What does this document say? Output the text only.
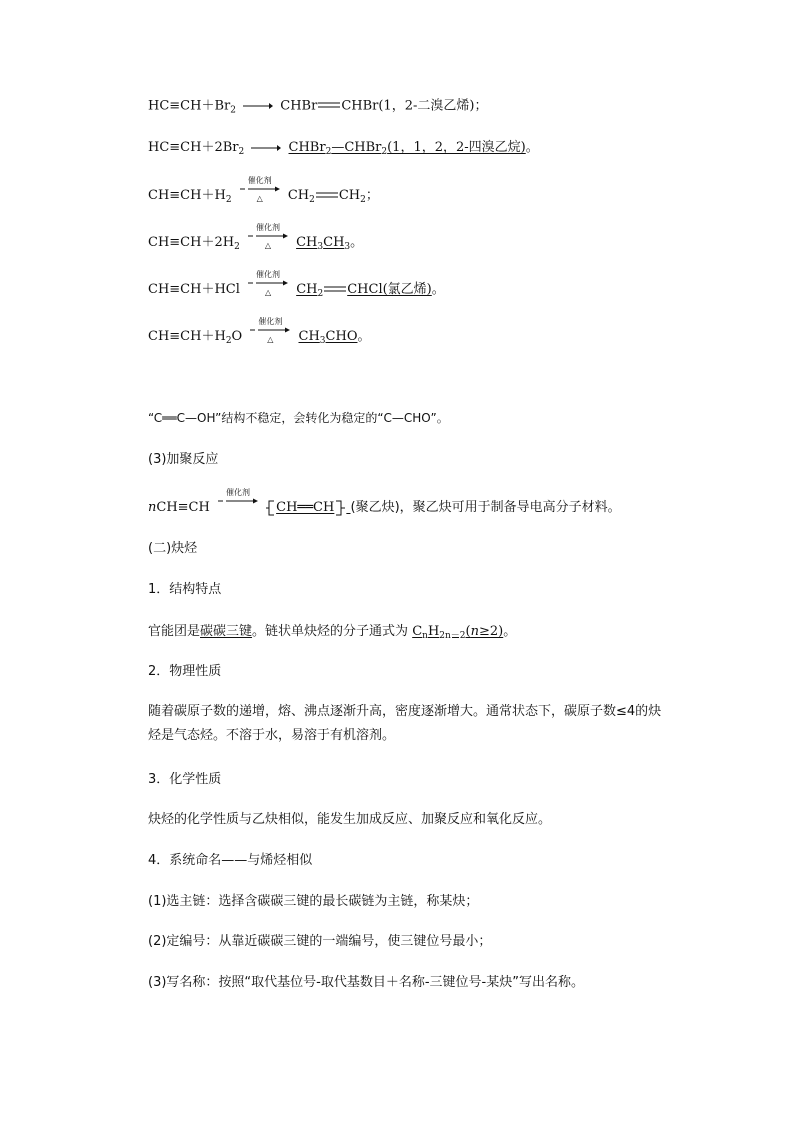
$HC\equiv CH+Br_2$ → CHBr CHBr(1，2-二溴乙烯)；
$HC\equiv CH+2Br_2$ → CHBr$_2$—CHBr$_2$(1，1，2，2-四溴乙烷)。
$CH\equiv CH+H_2$
催化剂
△ $CH_2$ $CH_2$；
$CH\equiv CH+2H_2$
催化剂
△ $CH_3CH_3$。
CH≡CH＋HCl
催化剂
△ $CH_2$ CHCl(氯乙烯)。
$CH\equiv CH+H_2O$
催化剂
△ $CH_3CHO$。
“C══C—OH”结构不稳定，会转化为稳定的“C—CHO”。
(3)加聚反应
nCH≡CH
催化剂
CH══CH (聚乙炔)，聚乙炔可用于制备导电高分子材料。
(二)炔烃
1．结构特点
官能团是碳碳三键。链状单炔烃的分子通式为 $C_nH_{2n-2}(n\ge 2)$。
2．物理性质
随着碳原子数的递增，熔、沸点逐渐升高，密度逐渐增大。通常状态下，碳原子数≤4的炔烃是气态烃。不溶于水，易溶于有机溶剂。
3．化学性质
炔烃的化学性质与乙炔相似，能发生加成反应、加聚反应和氧化反应。
4．系统命名——与烯烃相似
(1)选主链：选择含碳碳三键的最长碳链为主链，称某炔；
(2)定编号：从靠近碳碳三键的一端编号，使三键位号最小；
(3)写名称：按照“取代基位号-取代基数目＋名称-三键位号-某炔”写出名称。
